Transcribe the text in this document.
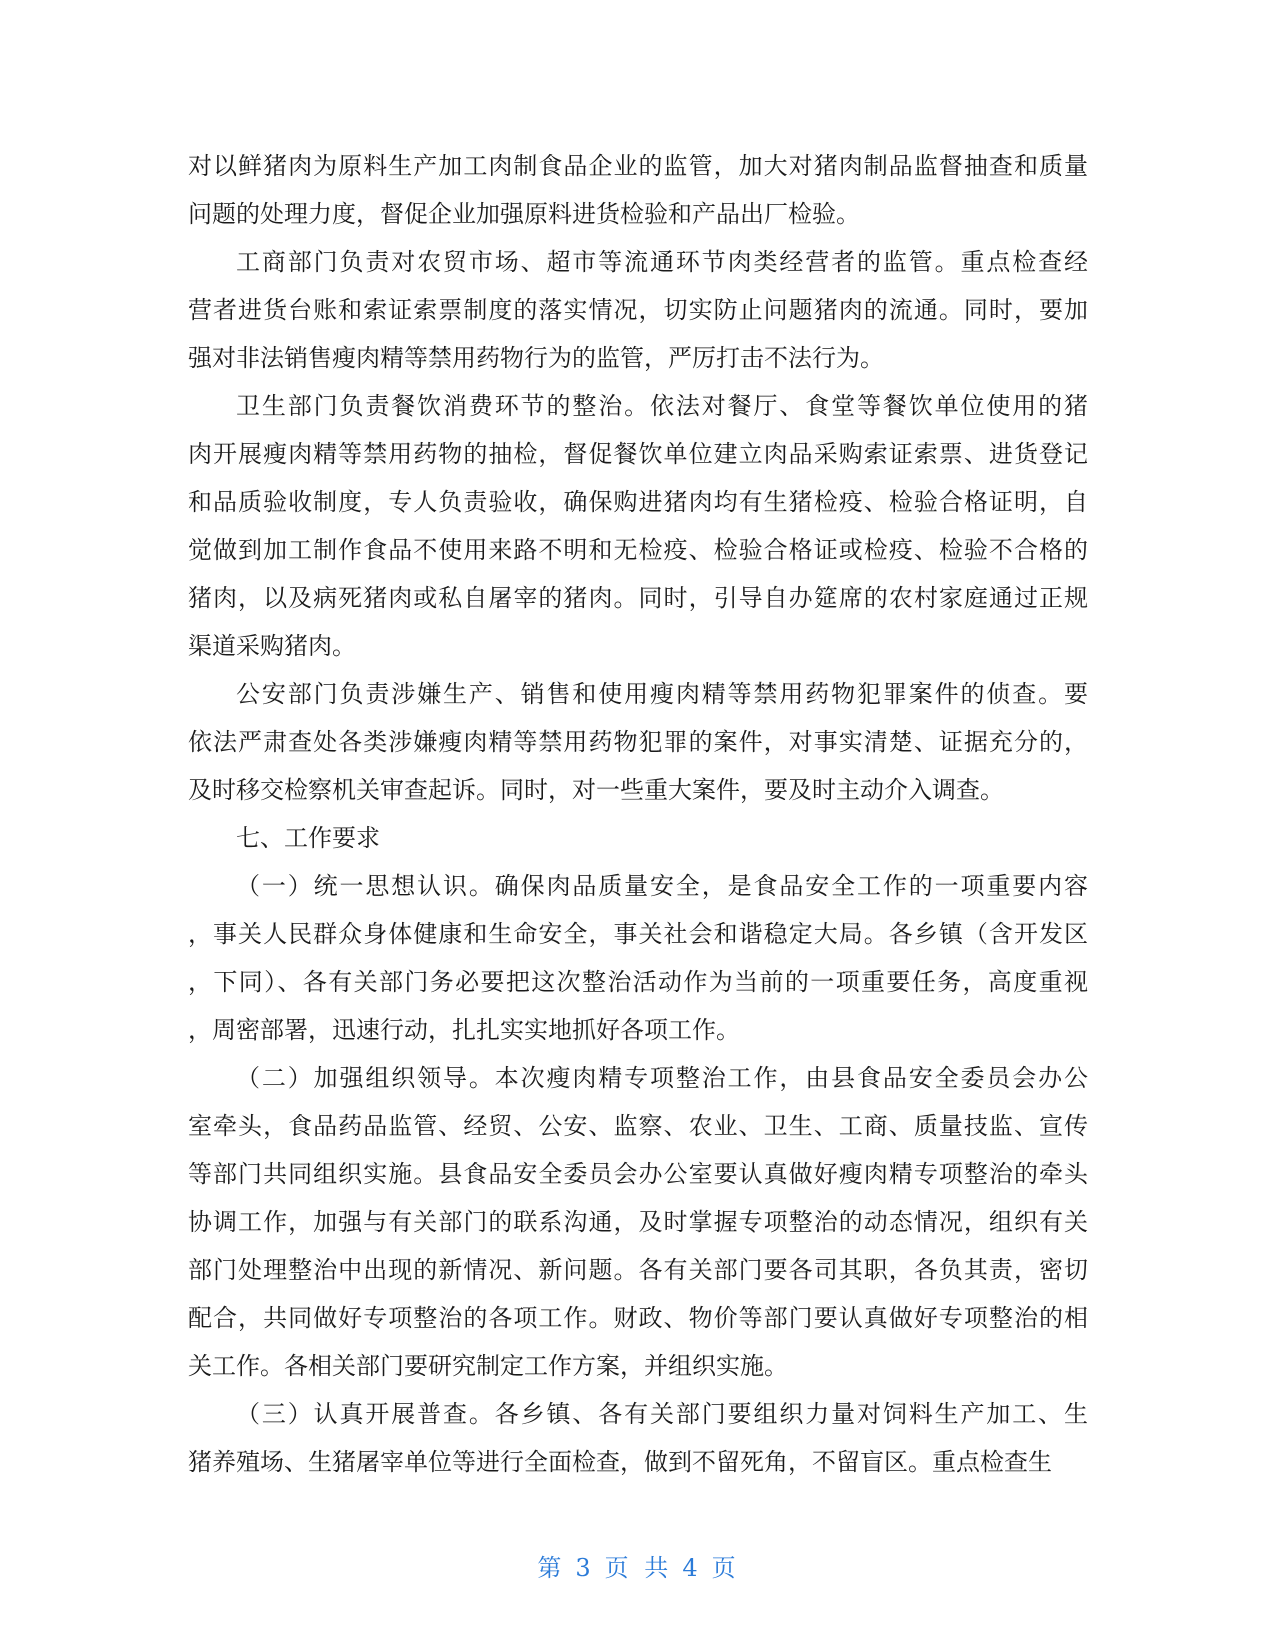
对以鲜猪肉为原料生产加工肉制食品企业的监管，加大对猪肉制品监督抽查和质量
问题的处理力度，督促企业加强原料进货检验和产品出厂检验。
工商部门负责对农贸市场、超市等流通环节肉类经营者的监管。重点检查经
营者进货台账和索证索票制度的落实情况，切实防止问题猪肉的流通。同时，要加
强对非法销售瘦肉精等禁用药物行为的监管，严厉打击不法行为。
卫生部门负责餐饮消费环节的整治。依法对餐厅、食堂等餐饮单位使用的猪
肉开展瘦肉精等禁用药物的抽检，督促餐饮单位建立肉品采购索证索票、进货登记
和品质验收制度，专人负责验收，确保购进猪肉均有生猪检疫、检验合格证明，自
觉做到加工制作食品不使用来路不明和无检疫、检验合格证或检疫、检验不合格的
猪肉，以及病死猪肉或私自屠宰的猪肉。同时，引导自办筵席的农村家庭通过正规
渠道采购猪肉。
公安部门负责涉嫌生产、销售和使用瘦肉精等禁用药物犯罪案件的侦查。要
依法严肃查处各类涉嫌瘦肉精等禁用药物犯罪的案件，对事实清楚、证据充分的，
及时移交检察机关审查起诉。同时，对一些重大案件，要及时主动介入调查。
七、工作要求
（一）统一思想认识。确保肉品质量安全，是食品安全工作的一项重要内容
，事关人民群众身体健康和生命安全，事关社会和谐稳定大局。各乡镇（含开发区
，下同）、各有关部门务必要把这次整治活动作为当前的一项重要任务，高度重视
，周密部署，迅速行动，扎扎实实地抓好各项工作。
（二）加强组织领导。本次瘦肉精专项整治工作，由县食品安全委员会办公
室牵头，食品药品监管、经贸、公安、监察、农业、卫生、工商、质量技监、宣传
等部门共同组织实施。县食品安全委员会办公室要认真做好瘦肉精专项整治的牵头
协调工作，加强与有关部门的联系沟通，及时掌握专项整治的动态情况，组织有关
部门处理整治中出现的新情况、新问题。各有关部门要各司其职，各负其责，密切
配合，共同做好专项整治的各项工作。财政、物价等部门要认真做好专项整治的相
关工作。各相关部门要研究制定工作方案，并组织实施。
（三）认真开展普查。各乡镇、各有关部门要组织力量对饲料生产加工、生
猪养殖场、生猪屠宰单位等进行全面检查，做到不留死角，不留盲区。重点检查生
第 3 页 共 4 页
